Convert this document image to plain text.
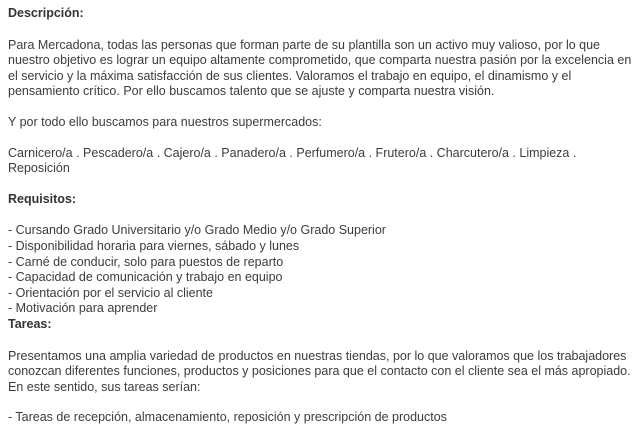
Descripción:

Para Mercadona, todas las personas que forman parte de su plantilla son un activo muy valioso, por lo que nuestro objetivo es lograr un equipo altamente comprometido, que comparta nuestra pasión por la excelencia en el servicio y la máxima satisfacción de sus clientes. Valoramos el trabajo en equipo, el dinamismo y el pensamiento crítico. Por ello buscamos talento que se ajuste y comparta nuestra visión.

Y por todo ello buscamos para nuestros supermercados:

Carnicero/a . Pescadero/a . Cajero/a . Panadero/a . Perfumero/a . Frutero/a . Charcutero/a . Limpieza . Reposición

Requisitos:

- Cursando Grado Universitario y/o Grado Medio y/o Grado Superior
- Disponibilidad horaria para viernes, sábado y lunes
- Carné de conducir, solo para puestos de reparto
- Capacidad de comunicación y trabajo en equipo
- Orientación por el servicio al cliente
- Motivación para aprender

Tareas:

Presentamos una amplia variedad de productos en nuestras tiendas, por lo que valoramos que los trabajadores conozcan diferentes funciones, productos y posiciones para que el contacto con el cliente sea el más apropiado. En este sentido, sus tareas serían:

- Tareas de recepción, almacenamiento, reposición y prescripción de productos
